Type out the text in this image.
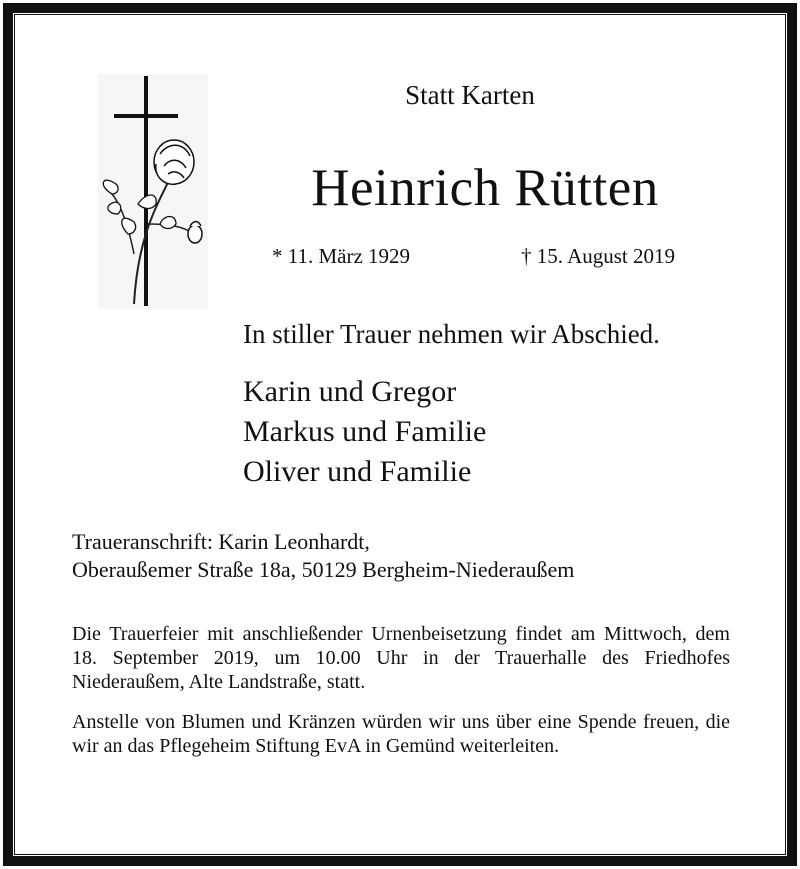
Statt Karten
Heinrich Rütten
* 11. März 1929	† 15. August 2019
In stiller Trauer nehmen wir Abschied.
Karin und Gregor
Markus und Familie
Oliver und Familie
Traueranschrift: Karin Leonhardt,
Oberaußemer Straße 18a, 50129 Bergheim-Niederaußem
Die Trauerfeier mit anschließender Urnenbeisetzung findet am Mittwoch, dem 18. September 2019, um 10.00 Uhr in der Trauerhalle des Friedhofes Niederaußem, Alte Landstraße, statt.
Anstelle von Blumen und Kränzen würden wir uns über eine Spende freuen, die wir an das Pflegeheim Stiftung EvA in Gemünd weiterleiten.
